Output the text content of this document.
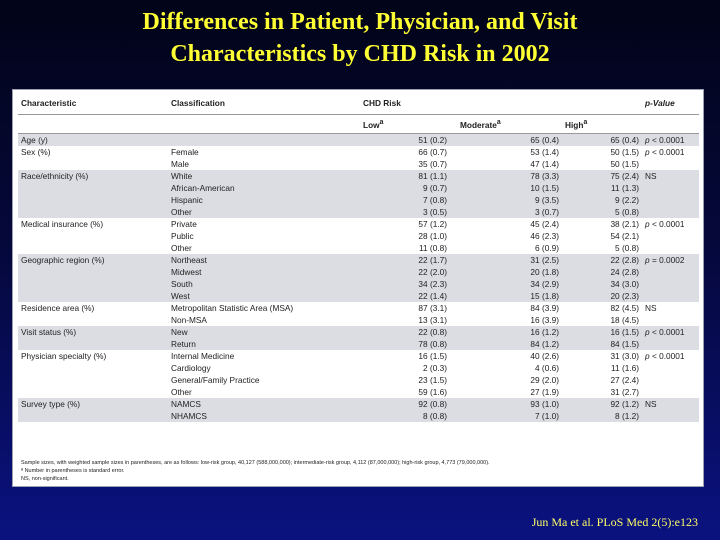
Differences in Patient, Physician, and Visit
Characteristics by CHD Risk in 2002
Characteristic	Classification	CHD Risk			p-Value
		Low$^a$	Moderate$^a$	High$^a$	
Age (y)		51 (0.2)	65 (0.4)	65 (0.4)	p < 0.0001
Sex (%)	Female	66 (0.7)	53 (1.4)	50 (1.5)	p < 0.0001
	Male	35 (0.7)	47 (1.4)	50 (1.5)	
Race/ethnicity (%)	White	81 (1.1)	78 (3.3)	75 (2.4)	NS
	African-American	9 (0.7)	10 (1.5)	11 (1.3)	
	Hispanic	7 (0.8)	9 (3.5)	9 (2.2)	
	Other	3 (0.5)	3 (0.7)	5 (0.8)	
Medical insurance (%)	Private	57 (1.2)	45 (2.4)	38 (2.1)	p < 0.0001
	Public	28 (1.0)	46 (2.3)	54 (2.1)	
	Other	11 (0.8)	6 (0.9)	5 (0.8)	
Geographic region (%)	Northeast	22 (1.7)	31 (2.5)	22 (2.8)	p = 0.0002
	Midwest	22 (2.0)	20 (1.8)	24 (2.8)	
	South	34 (2.3)	34 (2.9)	34 (3.0)	
	West	22 (1.4)	15 (1.8)	20 (2.3)	
Residence area (%)	Metropolitan Statistic Area (MSA)	87 (3.1)	84 (3.9)	82 (4.5)	NS
	Non-MSA	13 (3.1)	16 (3.9)	18 (4.5)	
Visit status (%)	New	22 (0.8)	16 (1.2)	16 (1.5)	p < 0.0001
	Return	78 (0.8)	84 (1.2)	84 (1.5)	
Physician specialty (%)	Internal Medicine	16 (1.5)	40 (2.6)	31 (3.0)	p < 0.0001
	Cardiology	2 (0.3)	4 (0.6)	11 (1.6)	
	General/Family Practice	23 (1.5)	29 (2.0)	27 (2.4)	
	Other	59 (1.6)	27 (1.9)	31 (2.7)	
Survey type (%)	NAMCS	92 (0.8)	93 (1.0)	92 (1.2)	NS
	NHAMCS	8 (0.8)	7 (1.0)	8 (1.2)	
Sample sizes, with weighted sample sizes in parentheses, are as follows: low-risk group, 40,127 (588,000,000); intermediate-risk group, 4,112 (87,000,000); high-risk group, 4,773 (79,000,000).
ª Number in parentheses is standard error.
NS, non-significant.
Jun Ma et al. PLoS Med 2(5):e123
